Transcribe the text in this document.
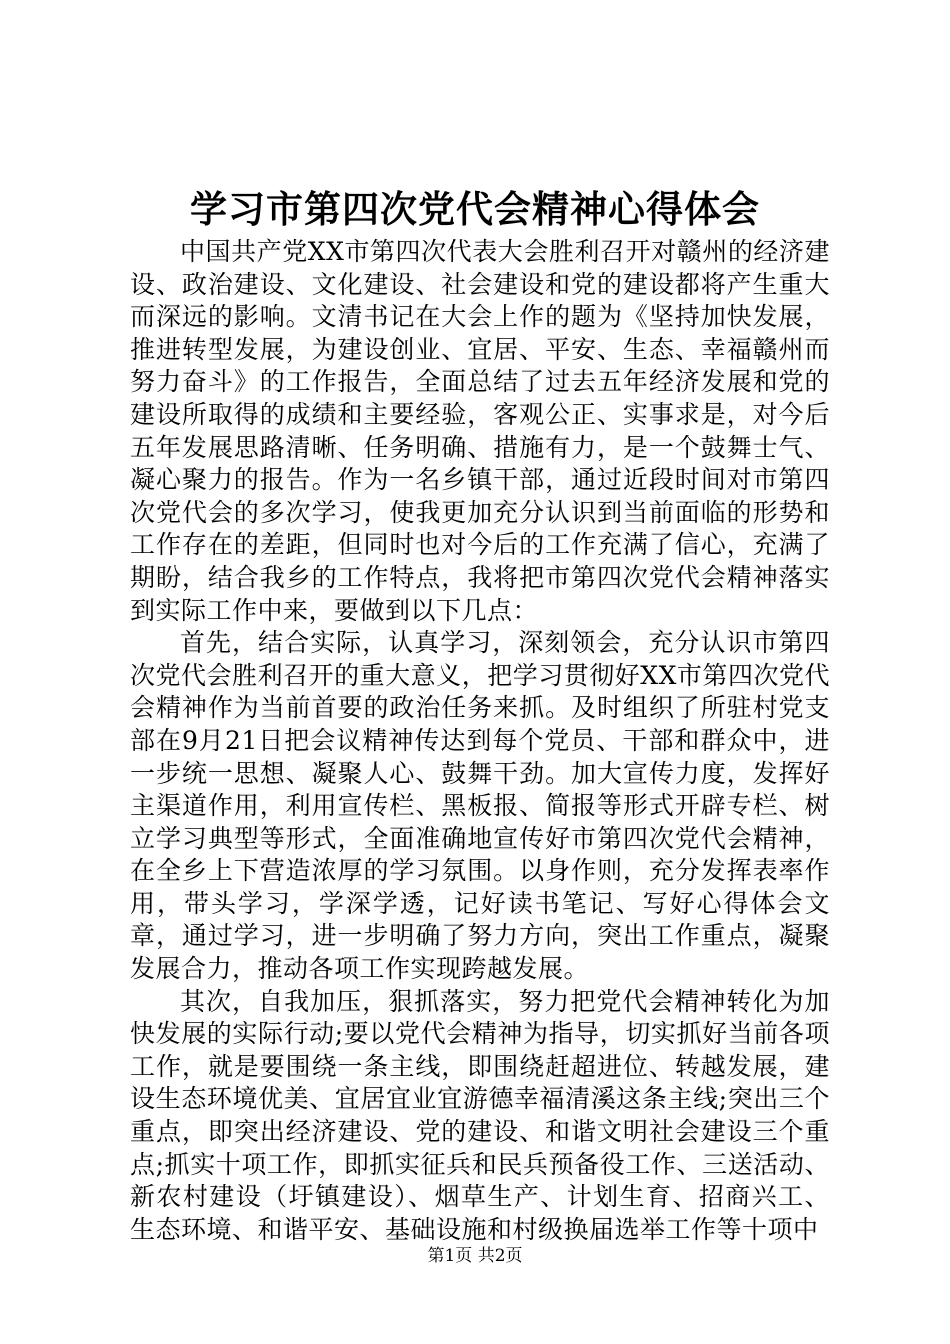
学习市第四次党代会精神心得体会

中国共产党XX市第四次代表大会胜利召开对赣州的经济建设、政治建设、文化建设、社会建设和党的建设都将产生重大而深远的影响。文清书记在大会上作的题为《坚持加快发展，推进转型发展，为建设创业、宜居、平安、生态、幸福赣州而努力奋斗》的工作报告，全面总结了过去五年经济发展和党的建设所取得的成绩和主要经验，客观公正、实事求是，对今后五年发展思路清晰、任务明确、措施有力，是一个鼓舞士气、凝心聚力的报告。作为一名乡镇干部，通过近段时间对市第四次党代会的多次学习，使我更加充分认识到当前面临的形势和工作存在的差距，但同时也对今后的工作充满了信心，充满了期盼，结合我乡的工作特点，我将把市第四次党代会精神落实到实际工作中来，要做到以下几点：

首先，结合实际，认真学习，深刻领会，充分认识市第四次党代会胜利召开的重大意义，把学习贯彻好XX市第四次党代会精神作为当前首要的政治任务来抓。及时组织了所驻村党支部在9月21日把会议精神传达到每个党员、干部和群众中，进一步统一思想、凝聚人心、鼓舞干劲。加大宣传力度，发挥好主渠道作用，利用宣传栏、黑板报、简报等形式开辟专栏、树立学习典型等形式，全面准确地宣传好市第四次党代会精神，在全乡上下营造浓厚的学习氛围。以身作则，充分发挥表率作用，带头学习，学深学透，记好读书笔记、写好心得体会文章，通过学习，进一步明确了努力方向，突出工作重点，凝聚发展合力，推动各项工作实现跨越发展。

其次，自我加压，狠抓落实，努力把党代会精神转化为加快发展的实际行动;要以党代会精神为指导，切实抓好当前各项工作，就是要围绕一条主线，即围绕赶超进位、转越发展，建设生态环境优美、宜居宜业宜游德幸福清溪这条主线;突出三个重点，即突出经济建设、党的建设、和谐文明社会建设三个重点;抓实十项工作，即抓实征兵和民兵预备役工作、三送活动、新农村建设（圩镇建设）、烟草生产、计划生育、招商兴工、生态环境、和谐平安、基础设施和村级换届选举工作等十项中

第1页 共2页
